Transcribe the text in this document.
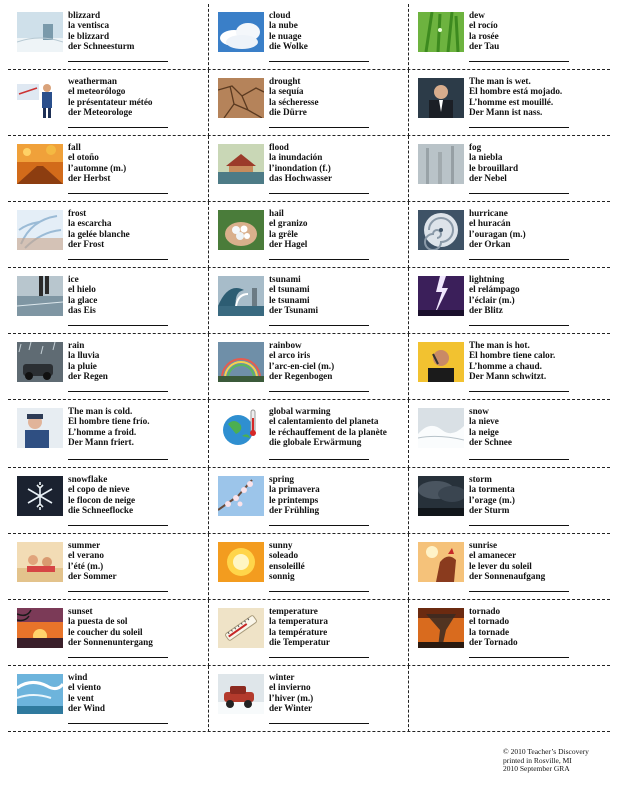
blizzard
la ventisca
le blizzard
der Schneesturm
cloud
la nube
le nuage
die Wolke
dew
el rocío
la rosée
der Tau
weatherman
el meteorólogo
le présentateur météo
der Meteorologe
drought
la sequía
la sécheresse
die Dürre
The man is wet.
El hombre está mojado.
L’homme est mouillé.
Der Mann ist nass.
fall
el otoño
l’automne (m.)
der Herbst
flood
la inundación
l’inondation (f.)
das Hochwasser
fog
la niebla
le brouillard
der Nebel
frost
la escarcha
la gelée blanche
der Frost
hail
el granizo
la grêle
der Hagel
hurricane
el huracán
l’ouragan (m.)
der Orkan
ice
el hielo
la glace
das Eis
tsunami
el tsunami
le tsunami
der Tsunami
lightning
el relámpago
l’éclair (m.)
der Blitz
rain
la lluvia
la pluie
der Regen
rainbow
el arco iris
l’arc-en-ciel (m.)
der Regenbogen
The man is hot.
El hombre tiene calor.
L’homme a chaud.
Der Mann schwitzt.
The man is cold.
El hombre tiene frío.
L’homme a froid.
Der Mann friert.
global warming
el calentamiento del planeta
le réchauffement de la planète
die globale Erwärmung
snow
la nieve
la neige
der Schnee
snowflake
el copo de nieve
le flocon de neige
die Schneeflocke
spring
la primavera
le printemps
der Frühling
storm
la tormenta
l’orage (m.)
der Sturm
summer
el verano
l’été (m.)
der Sommer
sunny
soleado
ensoleillé
sonnig
sunrise
el amanecer
le lever du soleil
der Sonnenaufgang
sunset
la puesta de sol
le coucher du soleil
der Sonnenuntergang
temperature
la temperatura
la température
die Temperatur
tornado
el tornado
la tornade
der Tornado
wind
el viento
le vent
der Wind
winter
el invierno
l’hiver (m.)
der Winter
© 2010 Teacher’s Discovery
printed in Rosville, MI
2010 September GRA
